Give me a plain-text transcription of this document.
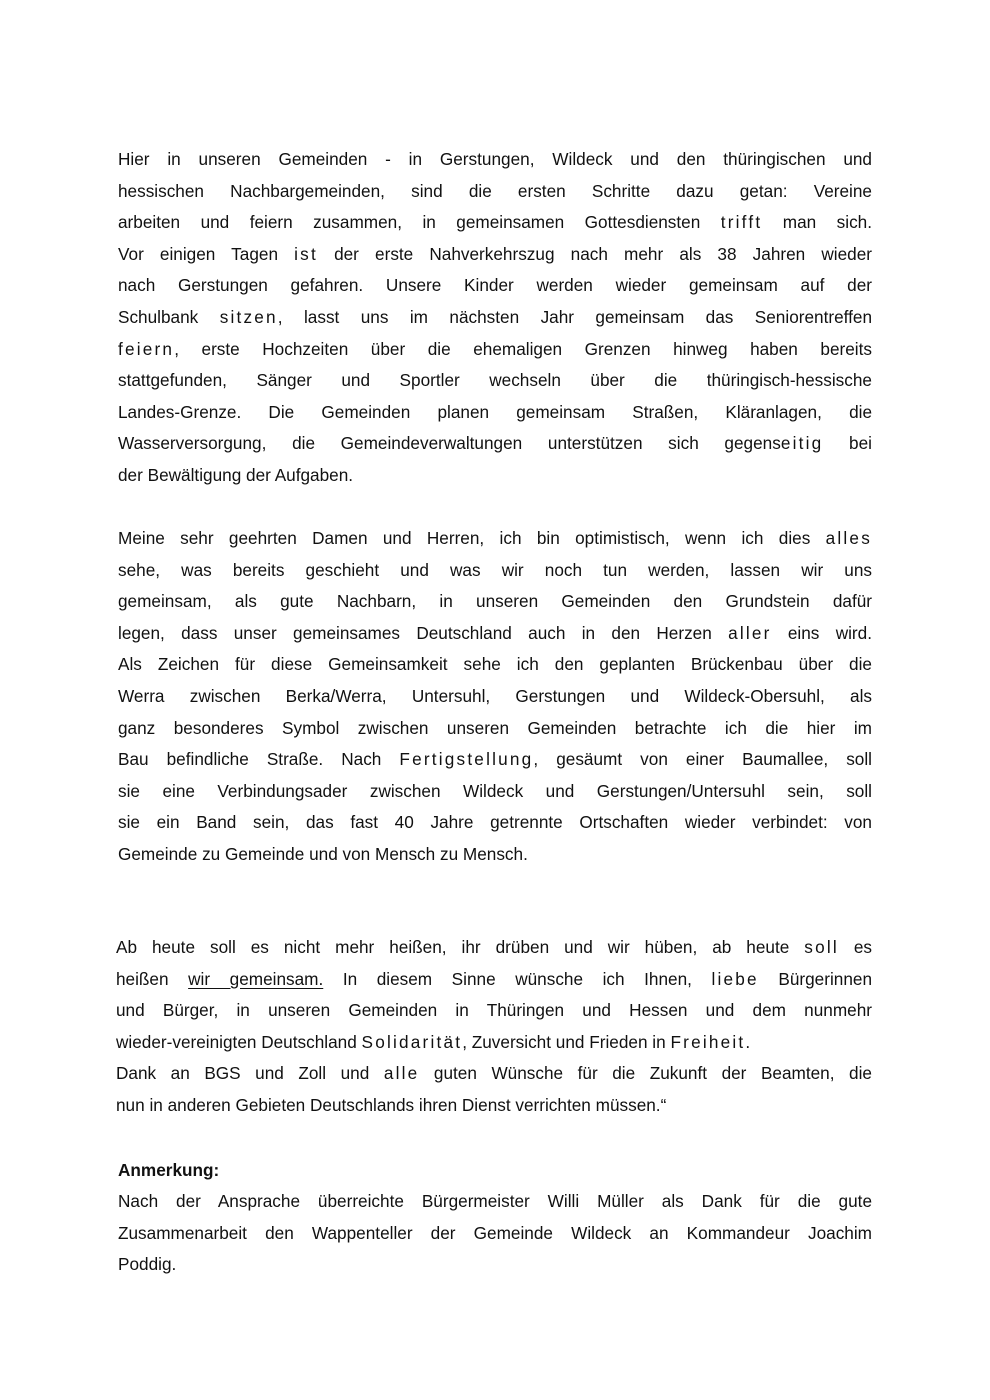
Hier in unseren Gemeinden - in Gerstungen, Wildeck und den thüringischen und
hessischen Nachbargemeinden, sind die ersten Schritte dazu getan: Vereine
arbeiten und feiern zusammen, in gemeinsamen Gottesdiensten trifft man sich.
Vor einigen Tagen ist der erste Nahverkehrszug nach mehr als 38 Jahren wieder
nach Gerstungen gefahren. Unsere Kinder werden wieder gemeinsam auf der
Schulbank sitzen, lasst uns im nächsten Jahr gemeinsam das Seniorentreffen
feiern, erste Hochzeiten über die ehemaligen Grenzen hinweg haben bereits
stattgefunden, Sänger und Sportler wechseln über die thüringisch-hessische
Landes-Grenze. Die Gemeinden planen gemeinsam Straßen, Kläranlagen, die
Wasserversorgung, die Gemeindeverwaltungen unterstützen sich gegenseitig bei
der Bewältigung der Aufgaben.
Meine sehr geehrten Damen und Herren, ich bin optimistisch, wenn ich dies alles
sehe, was bereits geschieht und was wir noch tun werden, lassen wir uns
gemeinsam, als gute Nachbarn, in unseren Gemeinden den Grundstein dafür
legen, dass unser gemeinsames Deutschland auch in den Herzen aller eins wird.
Als Zeichen für diese Gemeinsamkeit sehe ich den geplanten Brückenbau über die
Werra zwischen Berka/Werra, Untersuhl, Gerstungen und Wildeck-Obersuhl, als
ganz besonderes Symbol zwischen unseren Gemeinden betrachte ich die hier im
Bau befindliche Straße. Nach Fertigstellung, gesäumt von einer Baumallee, soll
sie eine Verbindungsader zwischen Wildeck und Gerstungen/Untersuhl sein, soll
sie ein Band sein, das fast 40 Jahre getrennte Ortschaften wieder verbindet: von
Gemeinde zu Gemeinde und von Mensch zu Mensch.
Ab heute soll es nicht mehr heißen, ihr drüben und wir hüben, ab heute soll es
heißen wir gemeinsam. In diesem Sinne wünsche ich Ihnen, liebe Bürgerinnen
und Bürger, in unseren Gemeinden in Thüringen und Hessen und dem nunmehr
wieder-vereinigten Deutschland Solidarität, Zuversicht und Frieden in Freiheit.
Dank an BGS und Zoll und alle guten Wünsche für die Zukunft der Beamten, die
nun in anderen Gebieten Deutschlands ihren Dienst verrichten müssen.“
Anmerkung:
Nach der Ansprache überreichte Bürgermeister Willi Müller als Dank für die gute
Zusammenarbeit den Wappenteller der Gemeinde Wildeck an Kommandeur Joachim
Poddig.
